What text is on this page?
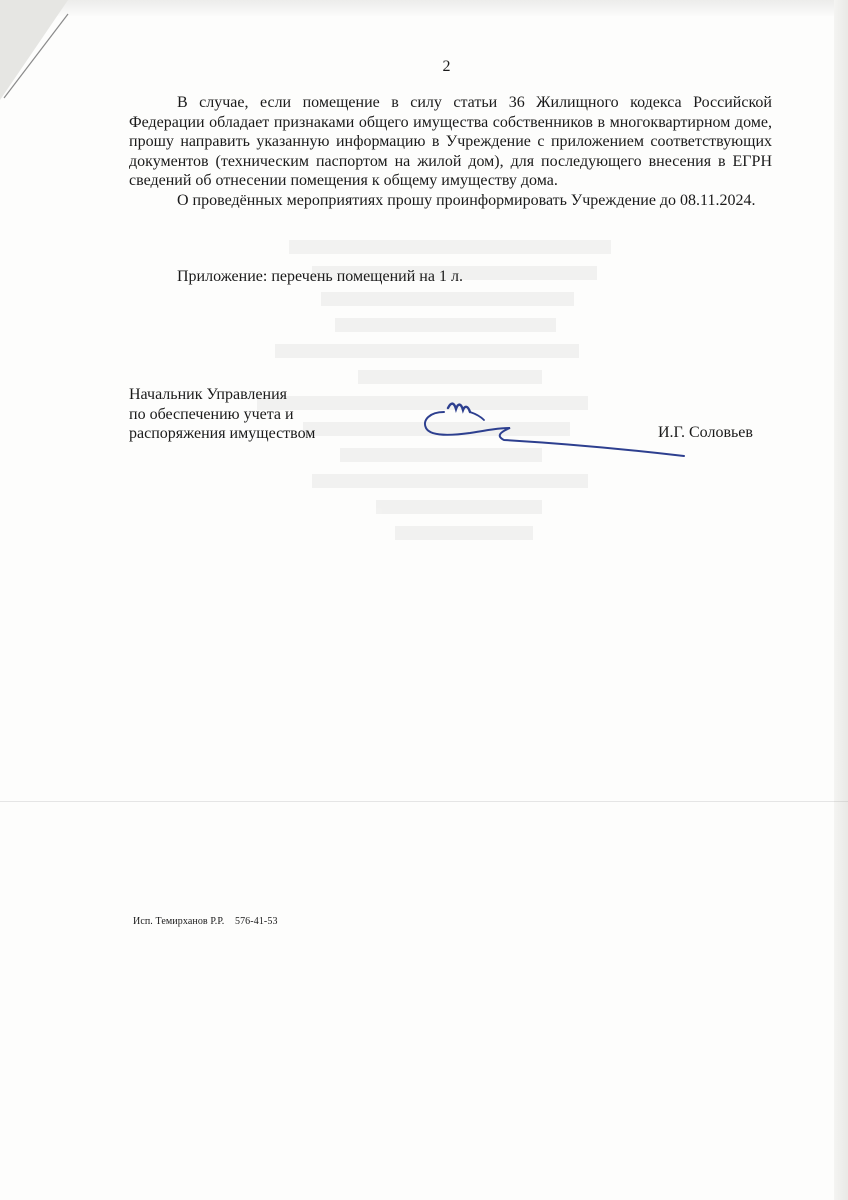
2

В случае, если помещение в силу статьи 36 Жилищного кодекса Российской Федерации обладает признаками общего имущества собственников в многоквартирном доме, прошу направить указанную информацию в Учреждение с приложением соответствующих документов (техническим паспортом на жилой дом), для последующего внесения в ЕГРН сведений об отнесении помещения к общему имуществу дома.

О проведённых мероприятиях прошу проинформировать Учреждение до 08.11.2024.

Приложение: перечень помещений на 1 л.
Начальник Управления
по обеспечению учета и
распоряжения имуществом	И.Г. Соловьев
Исп. Темирханов Р.Р. 576-41-53
